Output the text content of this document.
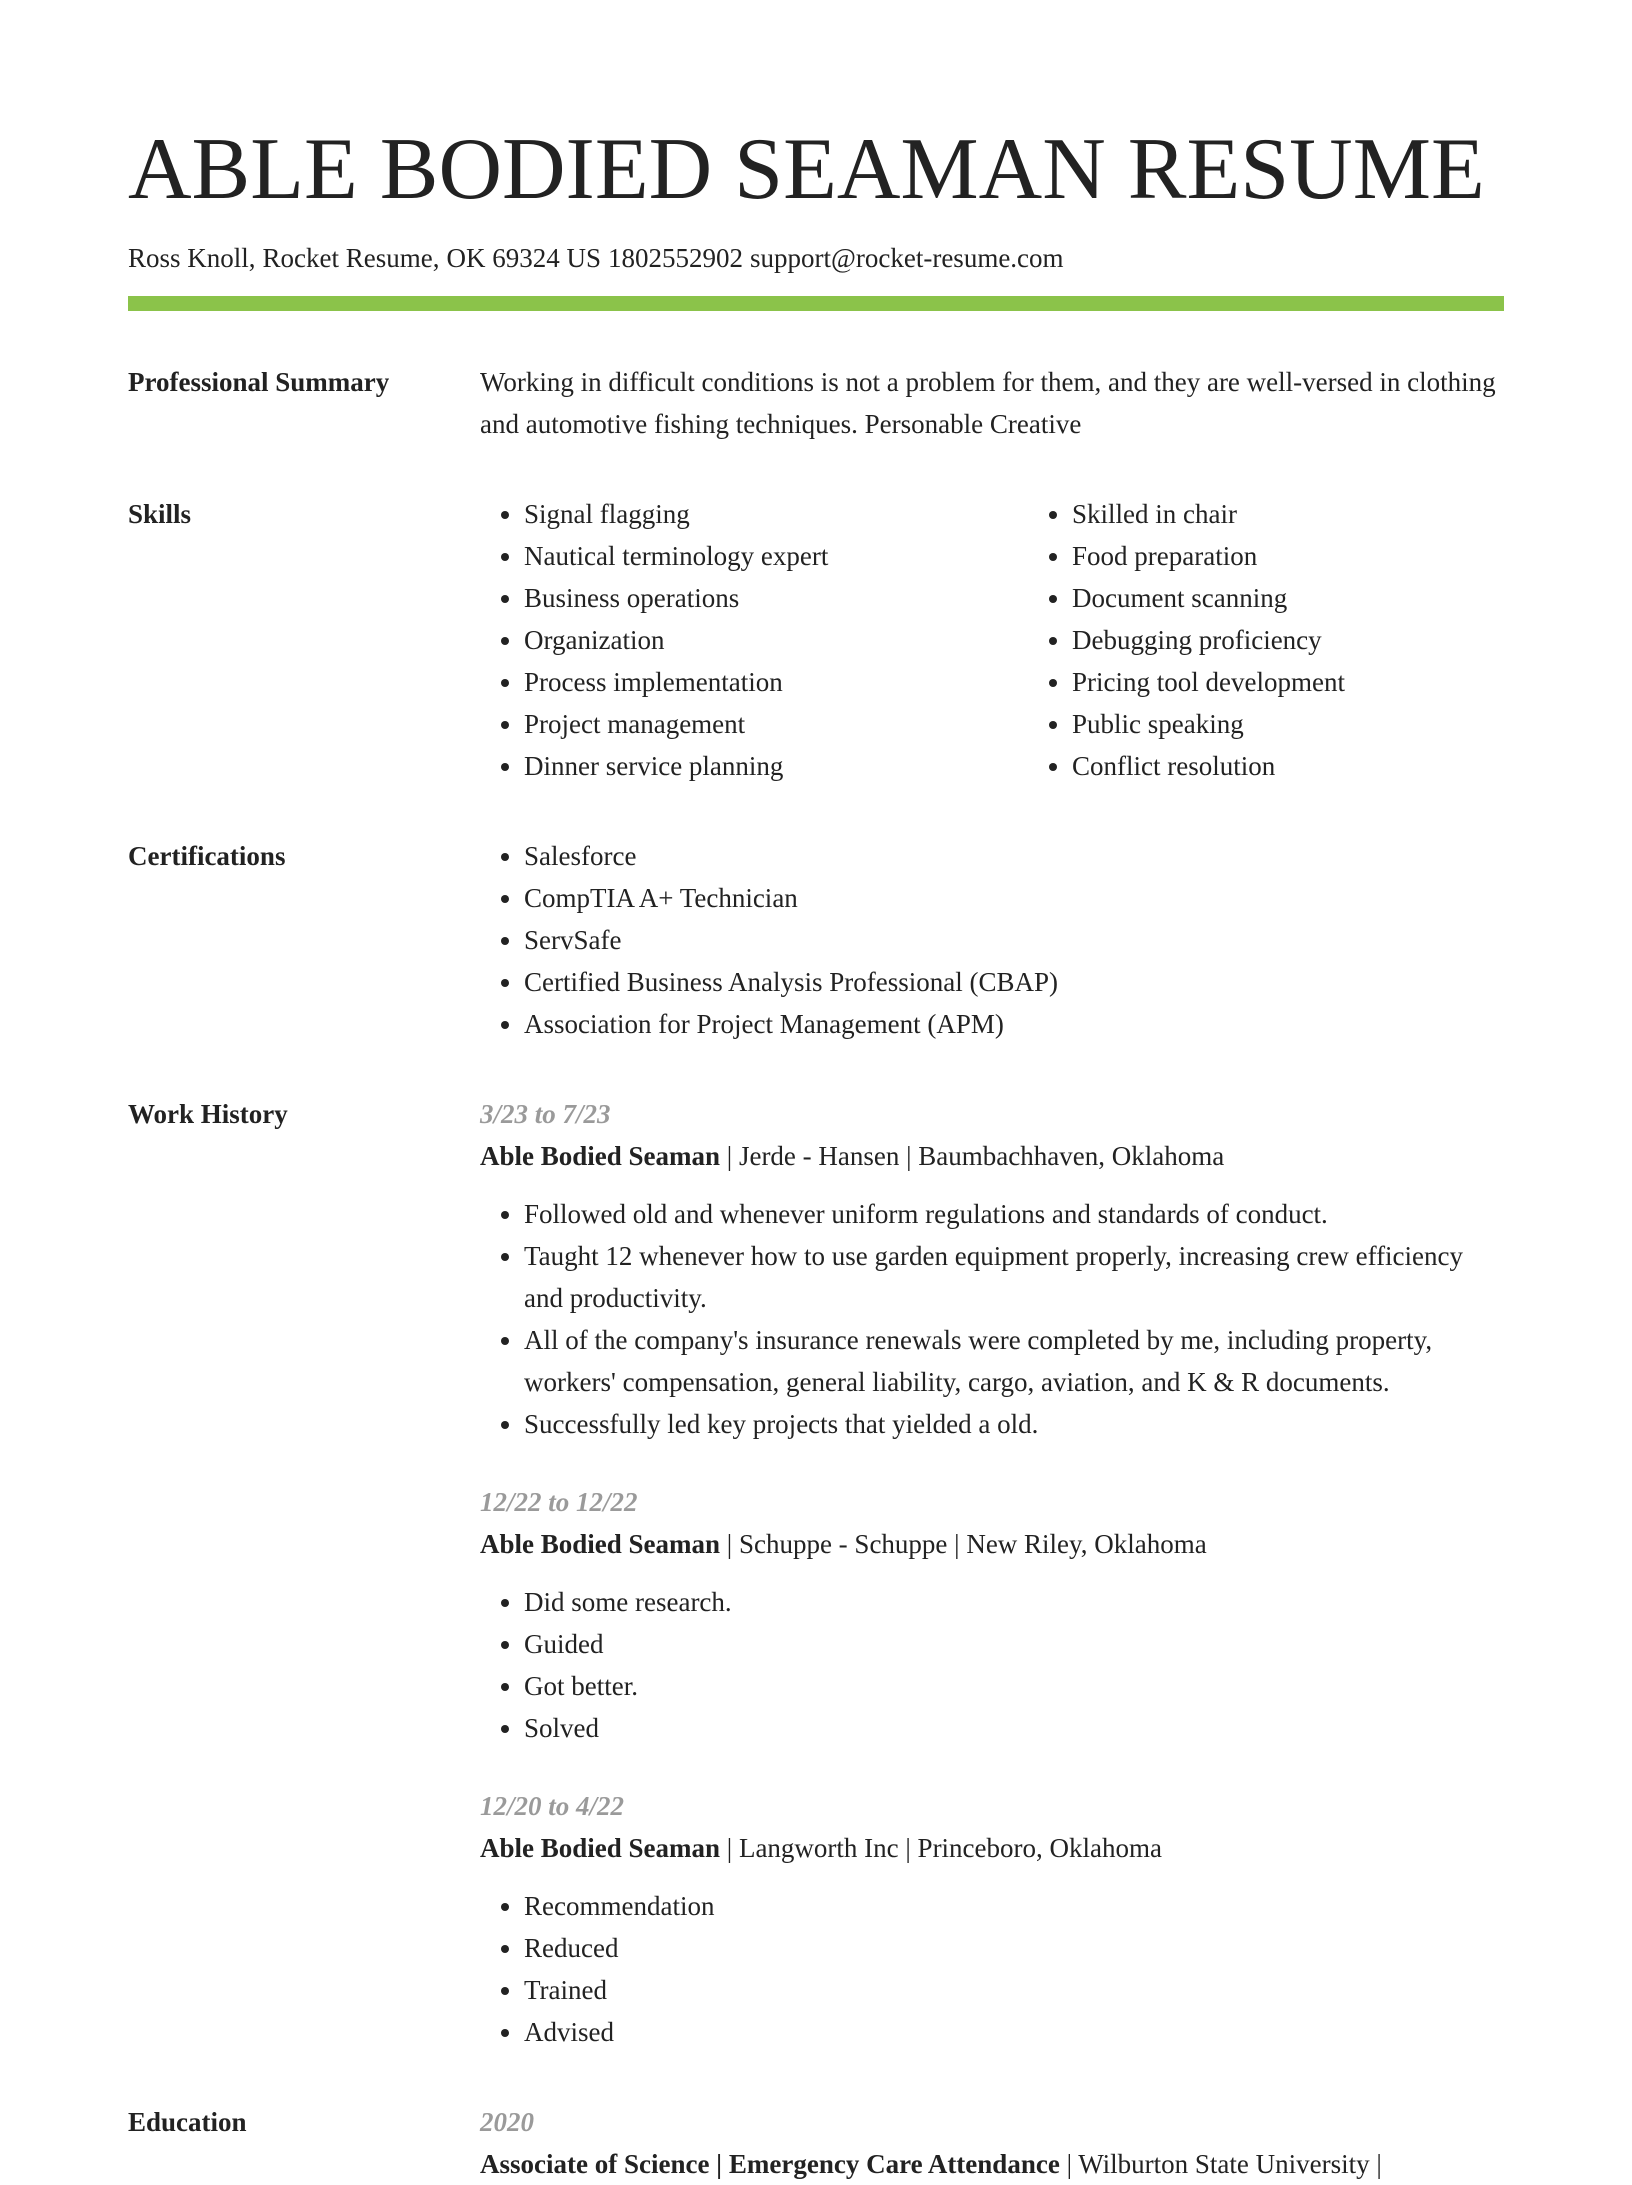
ABLE BODIED SEAMAN RESUME
Ross Knoll, Rocket Resume, OK 69324 US 1802552902 support@rocket-resume.com
Professional Summary	Working in difficult conditions is not a problem for them, and they are well-versed in clothing and automotive fishing techniques. Personable Creative

Skills	• Signal flagging
• Nautical terminology expert
• Business operations
• Organization
• Process implementation
• Project management
• Dinner service planning
• Skilled in chair
• Food preparation
• Document scanning
• Debugging proficiency
• Pricing tool development
• Public speaking
• Conflict resolution
Certifications	• Salesforce
• CompTIA A+ Technician
• ServSafe
• Certified Business Analysis Professional (CBAP)
• Association for Project Management (APM)
Work History	3/23 to 7/23
Able Bodied Seaman | Jerde - Hansen | Baumbachhaven, Oklahoma
• Followed old and whenever uniform regulations and standards of conduct.
• Taught 12 whenever how to use garden equipment properly, increasing crew efficiency and productivity.
• All of the company's insurance renewals were completed by me, including property, workers' compensation, general liability, cargo, aviation, and K & R documents.
• Successfully led key projects that yielded a old.
12/22 to 12/22
Able Bodied Seaman | Schuppe - Schuppe | New Riley, Oklahoma
• Did some research.
• Guided
• Got better.
• Solved
12/20 to 4/22
Able Bodied Seaman | Langworth Inc | Princeboro, Oklahoma
• Recommendation
• Reduced
• Trained
• Advised
Education	2020
Associate of Science | Emergency Care Attendance | Wilburton State University |
